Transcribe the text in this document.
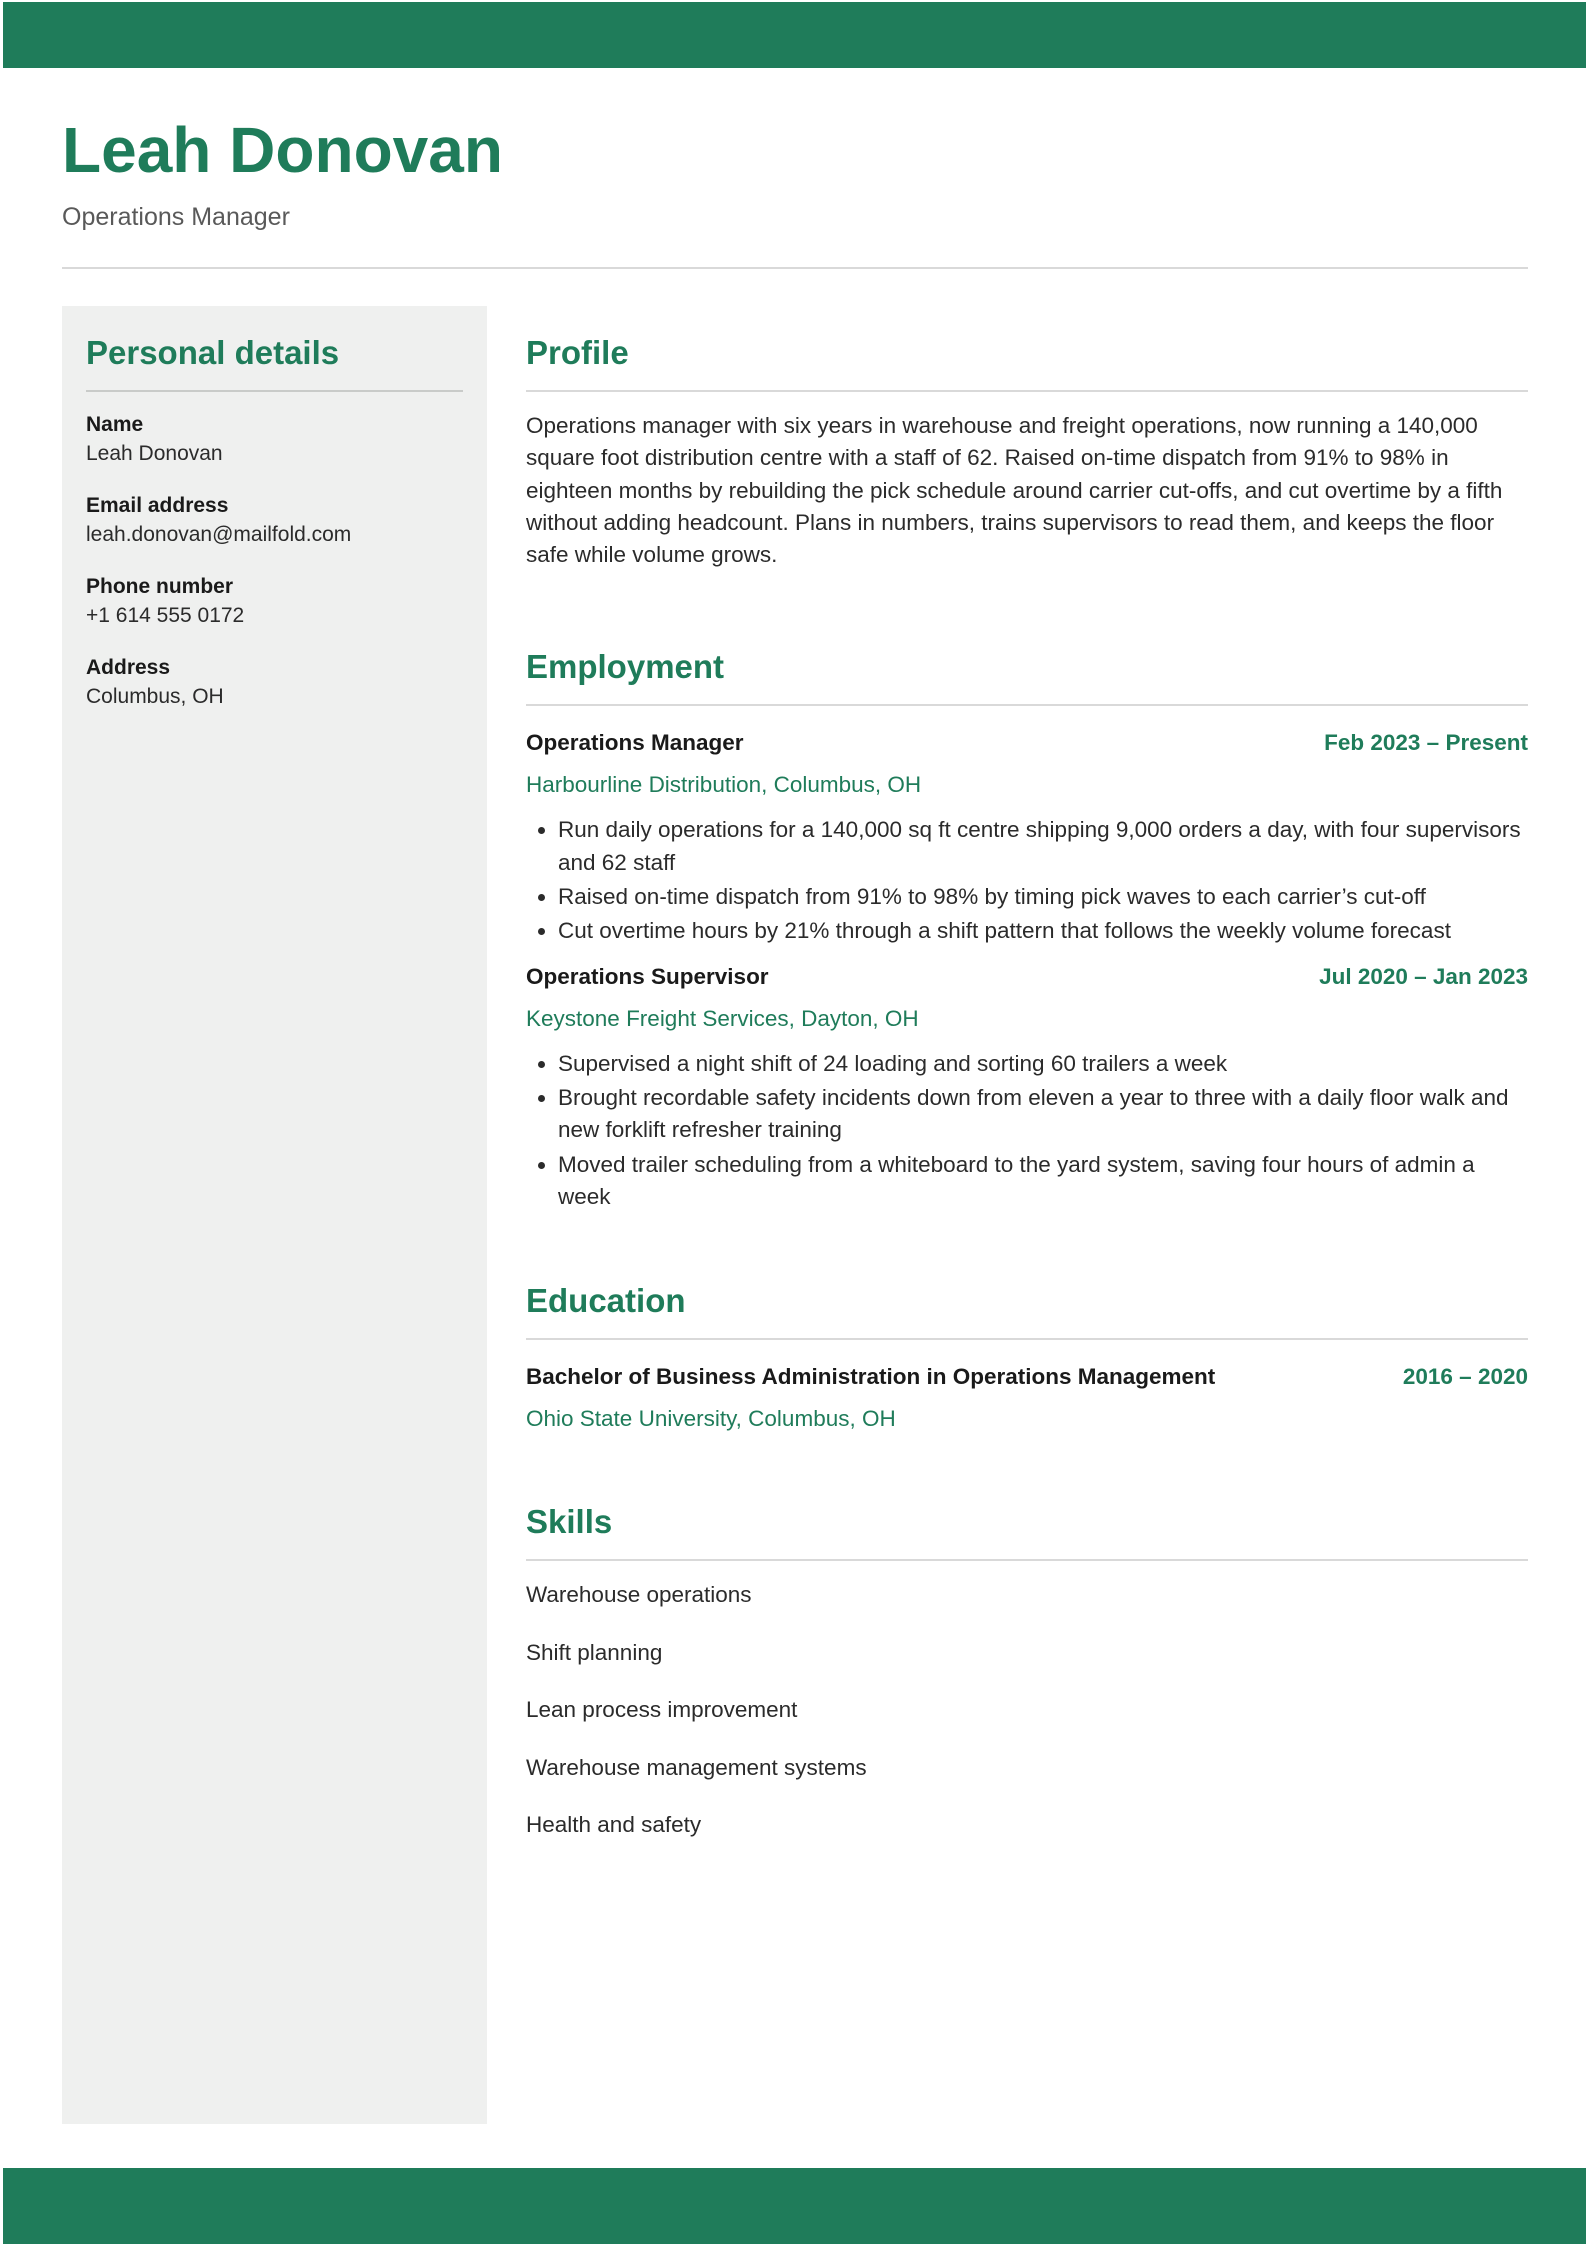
Leah Donovan
Operations Manager
Personal details
Name
Leah Donovan
Email address
leah.donovan@mailfold.com
Phone number
+1 614 555 0172
Address
Columbus, OH
Profile
Operations manager with six years in warehouse and freight operations, now running a 140,000 square foot distribution centre with a staff of 62. Raised on-time dispatch from 91% to 98% in eighteen months by rebuilding the pick schedule around carrier cut-offs, and cut overtime by a fifth without adding headcount. Plans in numbers, trains supervisors to read them, and keeps the floor safe while volume grows.
Employment
Operations Manager	Feb 2023 – Present
Harbourline Distribution, Columbus, OH
• Run daily operations for a 140,000 sq ft centre shipping 9,000 orders a day, with four supervisors and 62 staff
• Raised on-time dispatch from 91% to 98% by timing pick waves to each carrier’s cut-off
• Cut overtime hours by 21% through a shift pattern that follows the weekly volume forecast
Operations Supervisor	Jul 2020 – Jan 2023
Keystone Freight Services, Dayton, OH
• Supervised a night shift of 24 loading and sorting 60 trailers a week
• Brought recordable safety incidents down from eleven a year to three with a daily floor walk and new forklift refresher training
• Moved trailer scheduling from a whiteboard to the yard system, saving four hours of admin a week
Education
Bachelor of Business Administration in Operations Management	2016 – 2020
Ohio State University, Columbus, OH
Skills
Warehouse operations
Shift planning
Lean process improvement
Warehouse management systems
Health and safety
